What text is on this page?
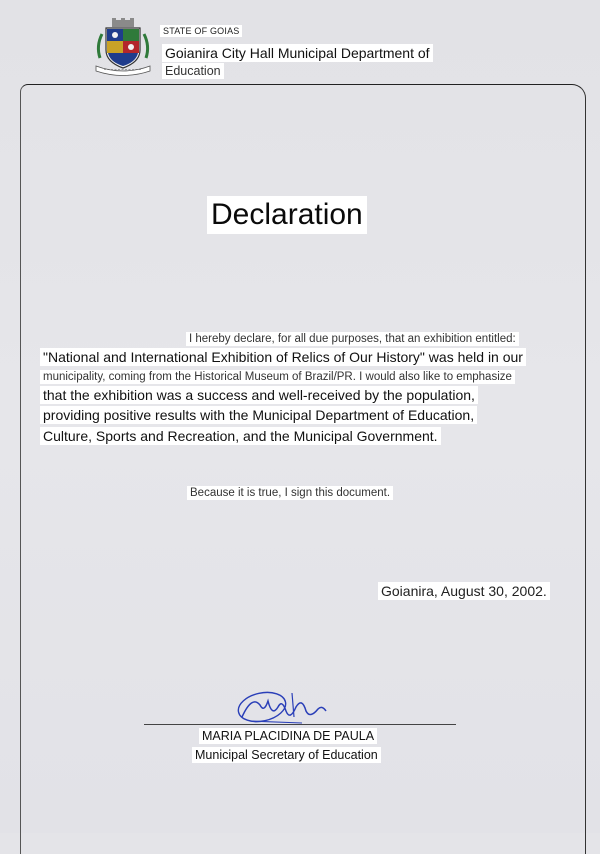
STATE OF GOIAS
Goianira City Hall Municipal Department of
Education
Declaration
I hereby declare, for all due purposes, that an exhibition entitled:
"National and International Exhibition of Relics of Our History" was held in our
municipality, coming from the Historical Museum of Brazil/PR. I would also like to emphasize
that the exhibition was a success and well-received by the population,
providing positive results with the Municipal Department of Education,
Culture, Sports and Recreation, and the Municipal Government.
Because it is true, I sign this document.
Goianira, August 30, 2002.
MARIA PLACIDINA DE PAULA
Municipal Secretary of Education
